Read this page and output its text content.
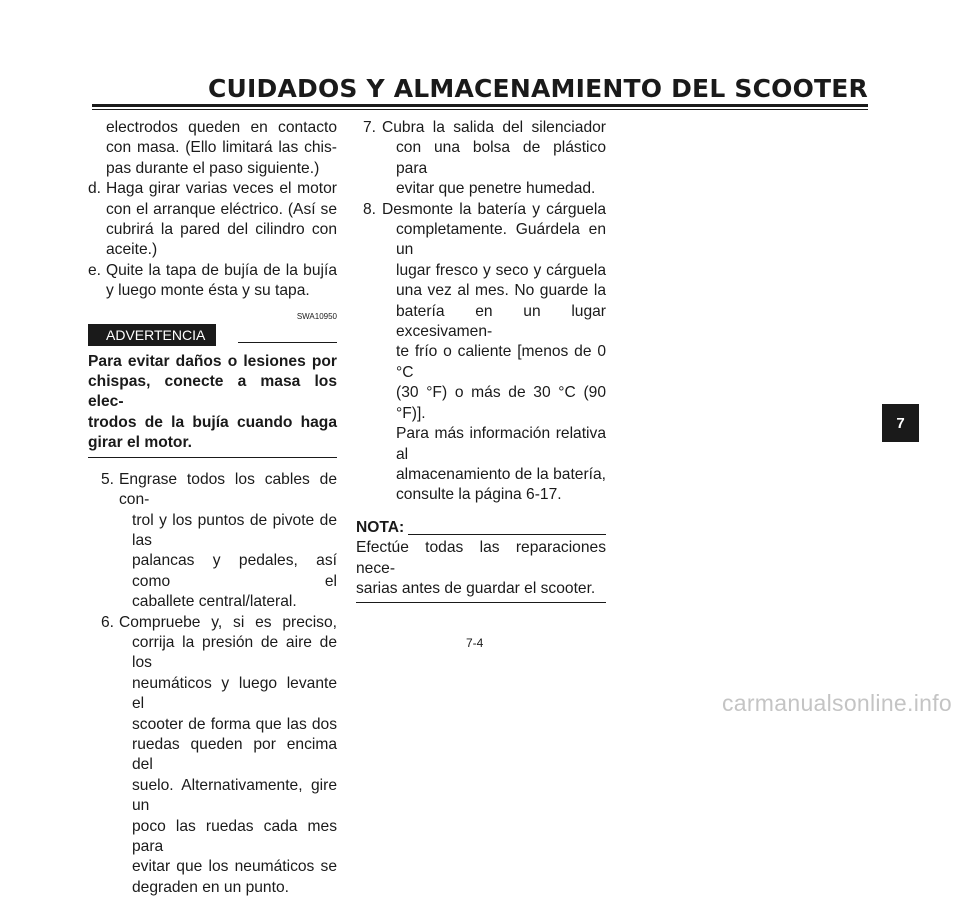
CUIDADOS Y ALMACENAMIENTO DEL SCOOTER
electrodos queden en contacto
con masa. (Ello limitará las chis-
pas durante el paso siguiente.)
d. Haga girar varias veces el motor
con el arranque eléctrico. (Así se
cubrirá la pared del cilindro con
aceite.)
e. Quite la tapa de bujía de la bujía
y luego monte ésta y su tapa.
SWA10950
ADVERTENCIA
Para evitar daños o lesiones por
chispas, conecte a masa los elec-
trodos de la bujía cuando haga
girar el motor.
5. Engrase todos los cables de con-
trol y los puntos de pivote de las
palancas y pedales, así como el
caballete central/lateral.
6. Compruebe y, si es preciso,
corrija la presión de aire de los
neumáticos y luego levante el
scooter de forma que las dos
ruedas queden por encima del
suelo. Alternativamente, gire un
poco las ruedas cada mes para
evitar que los neumáticos se
degraden en un punto.
7. Cubra la salida del silenciador
con una bolsa de plástico para
evitar que penetre humedad.
8. Desmonte la batería y cárguela
completamente. Guárdela en un
lugar fresco y seco y cárguela
una vez al mes. No guarde la
batería en un lugar excesivamen-
te frío o caliente [menos de 0 °C
(30 °F) o más de 30 °C (90 °F)].
Para más información relativa al
almacenamiento de la batería,
consulte la página 6-17.
NOTA:
Efectúe todas las reparaciones nece-
sarias antes de guardar el scooter.
7
7-4
carmanualsonline.info
